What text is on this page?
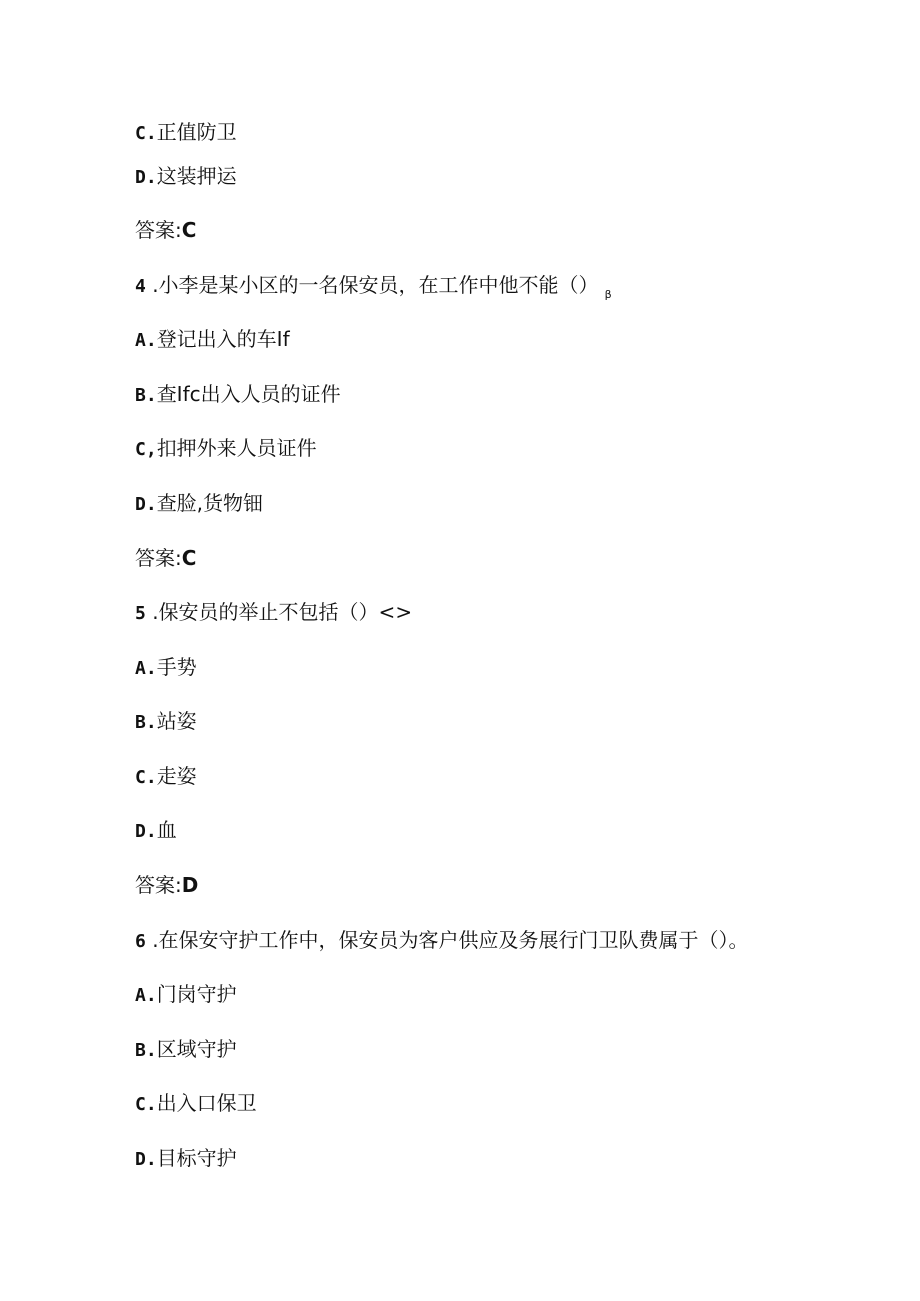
C.正值防卫
D.这装押运
答案:C
4 .小李是某小区的一名保安员，在工作中他不能（） $_\beta$
A.登记出入的车If
B.查Ifc出入人员的证件
C,扣押外来人员证件
D.查脸,货物钿
答案:C
5 .保安员的举止不包括（）<>
A.手势
B.站姿
C.走姿
D.血
答案:D
6 .在保安守护工作中，保安员为客户供应及务展行门卫队费属于（）。
A.门岗守护
B.区域守护
C.出入口保卫
D.目标守护
